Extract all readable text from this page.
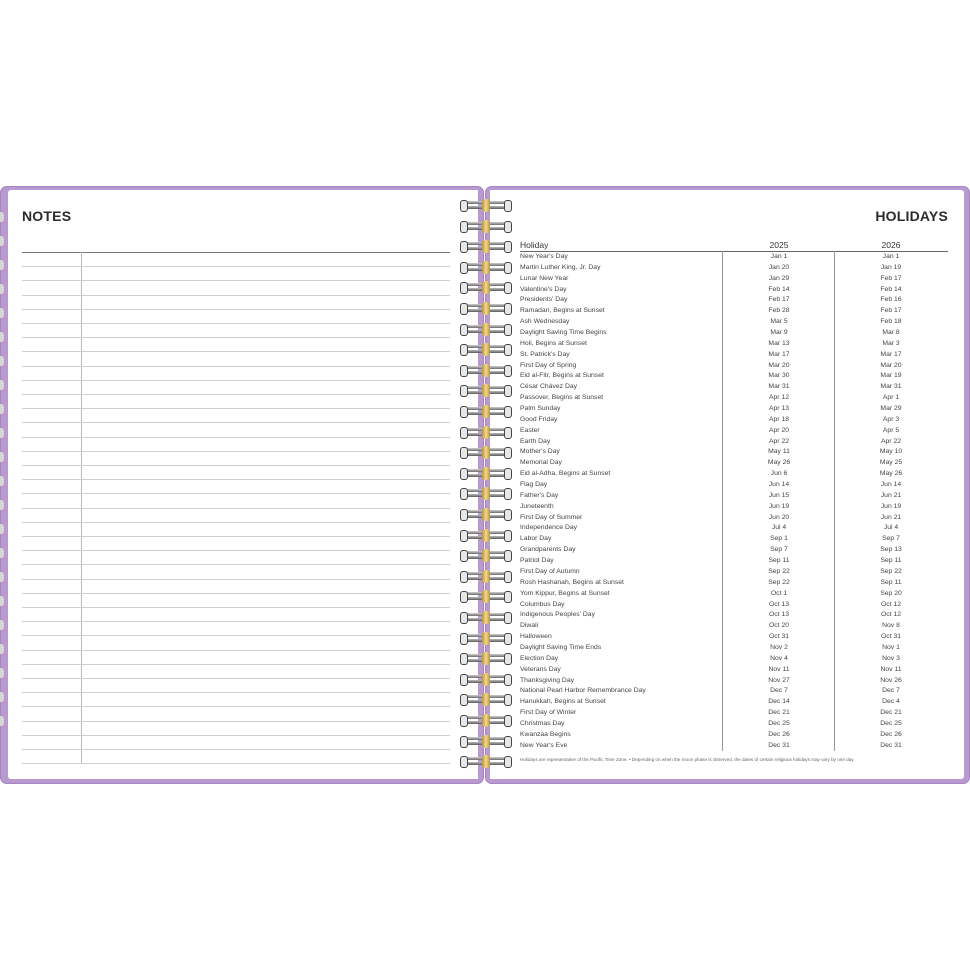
NOTES	HOLIDAYS
Holiday	2025	2026
New Year's Day	Jan 1	Jan 1
Martin Luther King, Jr. Day	Jan 20	Jan 19
Lunar New Year	Jan 29	Feb 17
Valentine's Day	Feb 14	Feb 14
Presidents' Day	Feb 17	Feb 16
Ramadan, Begins at Sunset	Feb 28	Feb 17
Ash Wednesday	Mar 5	Feb 18
Daylight Saving Time Begins	Mar 9	Mar 8
Holi, Begins at Sunset	Mar 13	Mar 3
St. Patrick's Day	Mar 17	Mar 17
First Day of Spring	Mar 20	Mar 20
Eid al-Fitr, Begins at Sunset	Mar 30	Mar 19
César Chávez Day	Mar 31	Mar 31
Passover, Begins at Sunset	Apr 12	Apr 1
Palm Sunday	Apr 13	Mar 29
Good Friday	Apr 18	Apr 3
Easter	Apr 20	Apr 5
Earth Day	Apr 22	Apr 22
Mother's Day	May 11	May 10
Memorial Day	May 26	May 25
Eid al-Adha, Begins at Sunset	Jun 6	May 26
Flag Day	Jun 14	Jun 14
Father's Day	Jun 15	Jun 21
Juneteenth	Jun 19	Jun 19
First Day of Summer	Jun 20	Jun 21
Independence Day	Jul 4	Jul 4
Labor Day	Sep 1	Sep 7
Grandparents Day	Sep 7	Sep 13
Patriot Day	Sep 11	Sep 11
First Day of Autumn	Sep 22	Sep 22
Rosh Hashanah, Begins at Sunset	Sep 22	Sep 11
Yom Kippur, Begins at Sunset	Oct 1	Sep 20
Columbus Day	Oct 13	Oct 12
Indigenous Peoples' Day	Oct 13	Oct 12
Diwali	Oct 20	Nov 8
Halloween	Oct 31	Oct 31
Daylight Saving Time Ends	Nov 2	Nov 1
Election Day	Nov 4	Nov 3
Veterans Day	Nov 11	Nov 11
Thanksgiving Day	Nov 27	Nov 26
National Pearl Harbor Remembrance Day	Dec 7	Dec 7
Hanukkah, Begins at Sunset	Dec 14	Dec 4
First Day of Winter	Dec 21	Dec 21
Christmas Day	Dec 25	Dec 25
Kwanzaa Begins	Dec 26	Dec 26
New Year's Eve	Dec 31	Dec 31
Holidays are representative of the Pacific Time Zone. • Depending on when the moon phase is observed, the dates of certain religious holidays may vary by one day.
